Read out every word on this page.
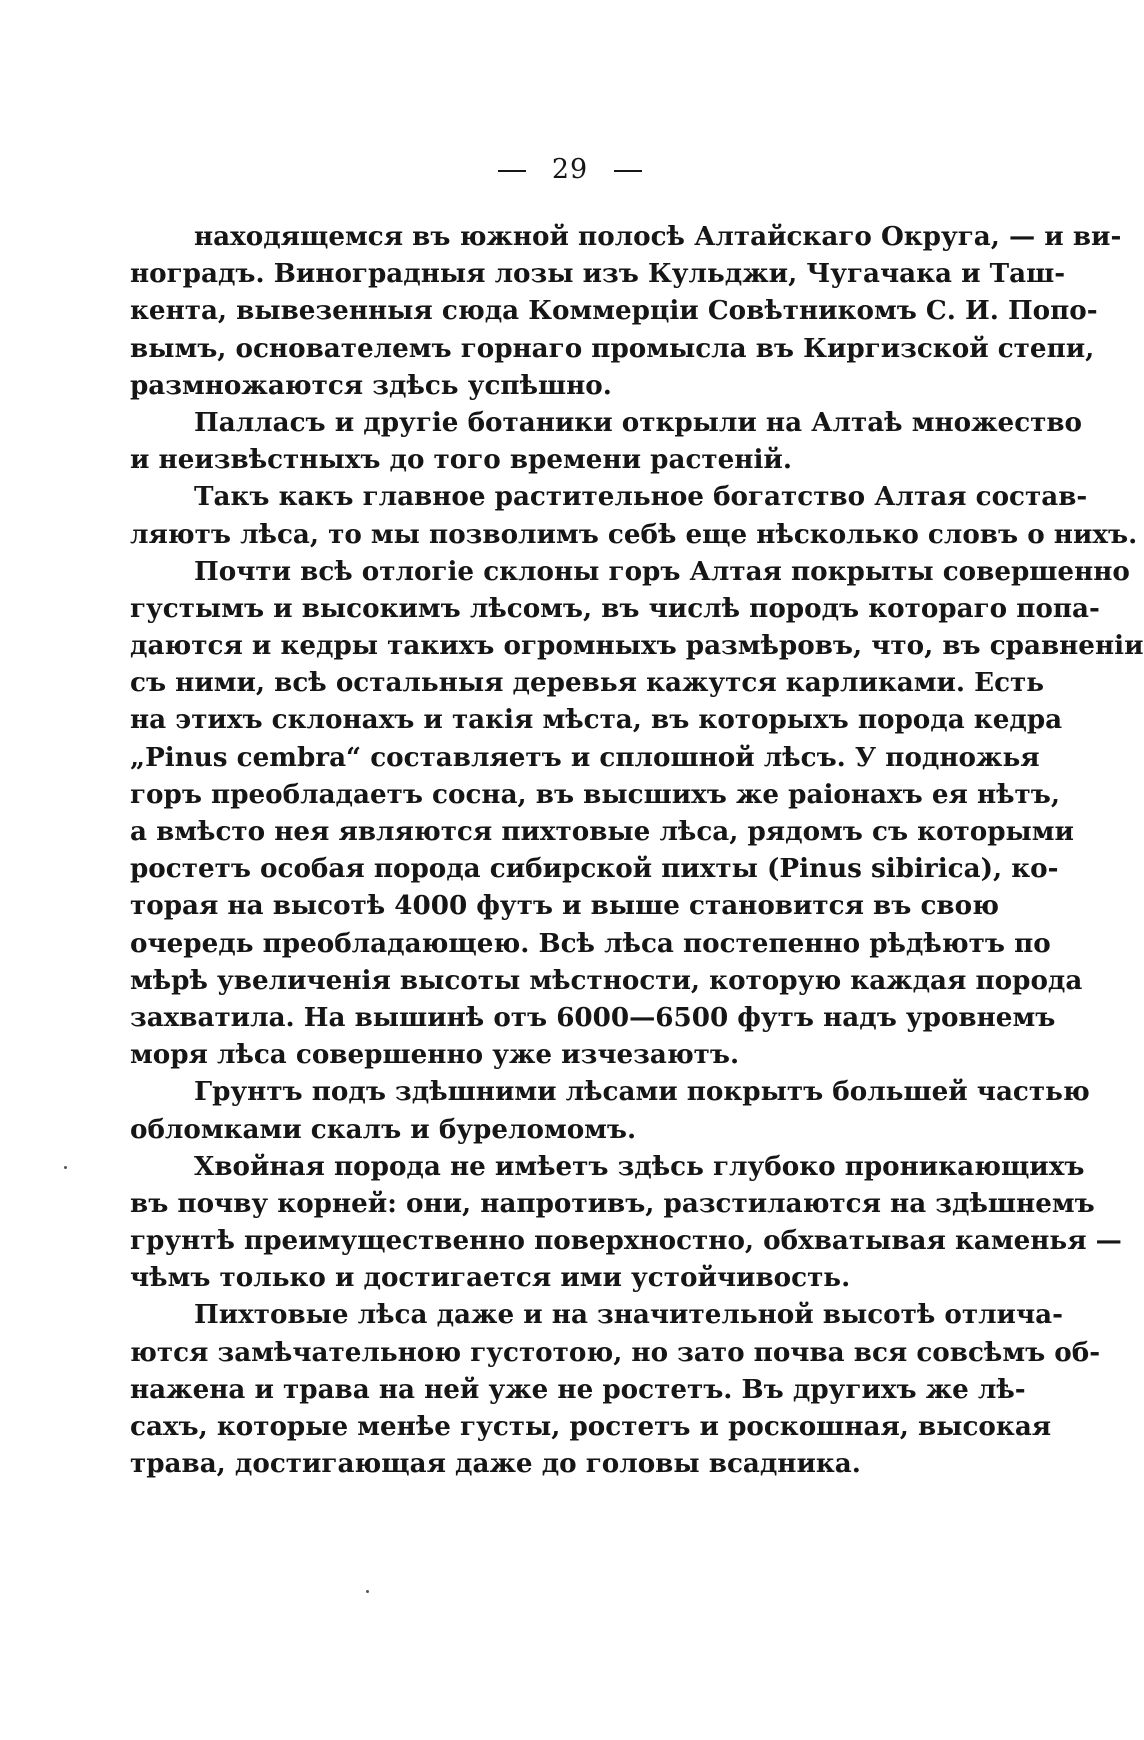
29
находящемся въ южной полосѣ Алтайскаго Округа, — и ви-
ноградъ. Виноградныя лозы изъ Кульджи, Чугачака и Таш-
кента, вывезенныя сюда Коммерціи Совѣтникомъ С. И. Попо-
вымъ, основателемъ горнаго промысла въ Киргизской степи,
размножаются здѣсь успѣшно.
Палласъ и другіе ботаники открыли на Алтаѣ множество
и неизвѣстныхъ до того времени растеній.
Такъ какъ главное растительное богатство Алтая состав-
ляютъ лѣса, то мы позволимъ себѣ еще нѣсколько словъ о нихъ.
Почти всѣ отлогіе склоны горъ Алтая покрыты совершенно
густымъ и высокимъ лѣсомъ, въ числѣ породъ котораго попа-
даются и кедры такихъ огромныхъ размѣровъ, что, въ сравненіи
съ ними, всѣ остальныя деревья кажутся карликами. Есть
на этихъ склонахъ и такія мѣста, въ которыхъ порода кедра
„Pinus cembra“ составляетъ и сплошной лѣсъ. У подножья
горъ преобладаетъ сосна, въ высшихъ же раіонахъ ея нѣтъ,
а вмѣсто нея являются пихтовые лѣса, рядомъ съ которыми
ростетъ особая порода сибирской пихты (Pinus sibirica), ко-
торая на высотѣ 4000 футъ и выше становится въ свою
очередь преобладающею. Всѣ лѣса постепенно рѣдѣютъ по
мѣрѣ увеличенія высоты мѣстности, которую каждая порода
захватила. На вышинѣ отъ 6000—6500 футъ надъ уровнемъ
моря лѣса совершенно уже изчезаютъ.
Грунтъ подъ здѣшними лѣсами покрытъ большей частью
обломками скалъ и буреломомъ.
Хвойная порода не имѣетъ здѣсь глубоко проникающихъ
въ почву корней: они, напротивъ, разстилаются на здѣшнемъ
грунтѣ преимущественно поверхностно, обхватывая каменья —
чѣмъ только и достигается ими устойчивость.
Пихтовые лѣса даже и на значительной высотѣ отлича-
ются замѣчательною густотою, но зато почва вся совсѣмъ об-
нажена и трава на ней уже не ростетъ. Въ другихъ же лѣ-
сахъ, которые менѣе густы, ростетъ и роскошная, высокая
трава, достигающая даже до головы всадника.
